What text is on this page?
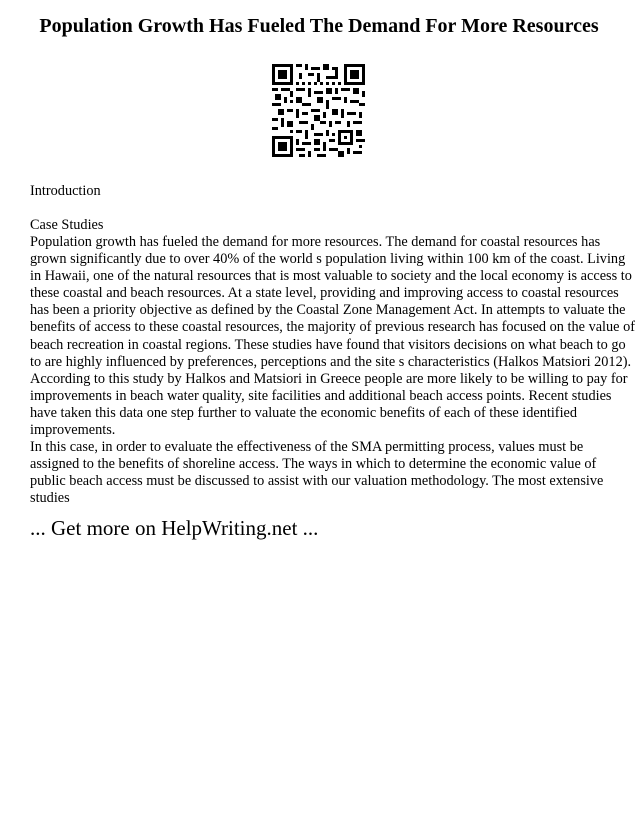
Population Growth Has Fueled The Demand For More Resources
Introduction
Case Studies

Population growth has fueled the demand for more resources. The demand for coastal resources has grown significantly due to over 40% of the world s population living within 100 km of the coast. Living in Hawaii, one of the natural resources that is most valuable to society and the local economy is access to these coastal and beach resources. At a state level, providing and improving access to coastal resources has been a priority objective as defined by the Coastal Zone Management Act. In attempts to valuate the benefits of access to these coastal resources, the majority of previous research has focused on the value of beach recreation in coastal regions. These studies have found that visitors decisions on what beach to go to are highly influenced by preferences, perceptions and the site s characteristics (Halkos Matsiori 2012). According to this study by Halkos and Matsiori in Greece people are more likely to be willing to pay for improvements in beach water quality, site facilities and additional beach access points. Recent studies have taken this data one step further to valuate the economic benefits of each of these identified improvements.

In this case, in order to evaluate the effectiveness of the SMA permitting process, values must be assigned to the benefits of shoreline access. The ways in which to determine the economic value of public beach access must be discussed to assist with our valuation methodology. The most extensive studies

... Get more on HelpWriting.net ...
